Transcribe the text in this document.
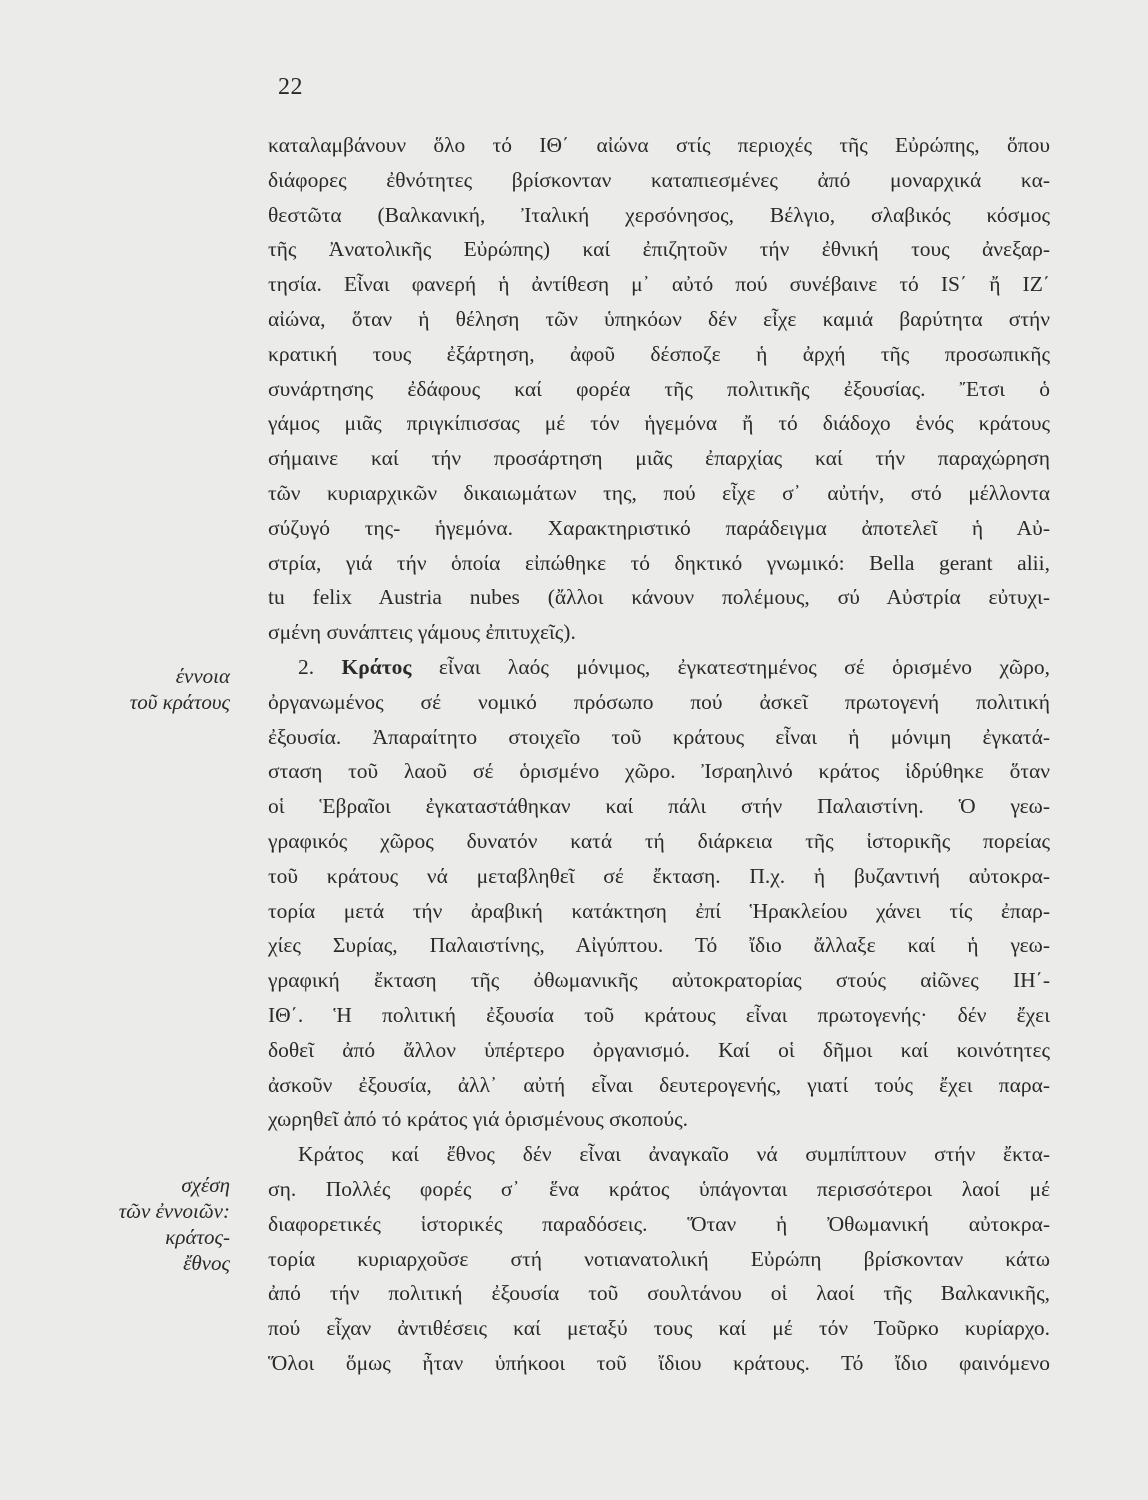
22
έννοια
τοῦ κράτους
σχέση
τῶν ἐννοιῶν:
κράτος-
ἔθνος
καταλαμβάνουν ὅλο τό ΙΘ΄ αἰώνα στίς περιοχές τῆς Εὐρώπης, ὅπου
διάφορες ἐθνότητες βρίσκονταν καταπιεσμένες ἀπό μοναρχικά κα-
θεστῶτα (Βαλκανική, Ἰταλική χερσόνησος, Βέλγιο, σλαβικός κόσμος
τῆς Ἀνατολικῆς Εὐρώπης) καί ἐπιζητοῦν τήν ἐθνική τους ἀνεξαρ-
τησία. Εἶναι φανερή ἡ ἀντίθεση μ᾽ αὐτό πού συνέβαινε τό ΙS΄ ἤ ΙΖ΄
αἰώνα, ὅταν ἡ θέληση τῶν ὑπηκόων δέν εἶχε καμιά βαρύτητα στήν
κρατική τους ἐξάρτηση, ἀφοῦ δέσποζε ἡ ἀρχή τῆς προσωπικῆς
συνάρτησης ἐδάφους καί φορέα τῆς πολιτικῆς ἐξουσίας. Ἔτσι ὁ
γάμος μιᾶς πριγκίπισσας μέ τόν ἡγεμόνα ἤ τό διάδοχο ἑνός κράτους
σήμαινε καί τήν προσάρτηση μιᾶς ἐπαρχίας καί τήν παραχώρηση
τῶν κυριαρχικῶν δικαιωμάτων της, πού εἶχε σ᾽ αὐτήν, στό μέλλοντα
σύζυγό της- ἡγεμόνα. Χαρακτηριστικό παράδειγμα ἀποτελεῖ ἡ Αὐ-
στρία, γιά τήν ὁποία εἰπώθηκε τό δηκτικό γνωμικό: Bella gerant alii,
tu felix Austria nubes (ἄλλοι κάνουν πολέμους, σύ Αὐστρία εὐτυχι-
σμένη συνάπτεις γάμους ἐπιτυχεῖς).
2. Κράτος εἶναι λαός μόνιμος, ἐγκατεστημένος σέ ὁρισμένο χῶρο,
ὀργανωμένος σέ νομικό πρόσωπο πού ἀσκεῖ πρωτογενή πολιτική
ἐξουσία. Ἀπαραίτητο στοιχεῖο τοῦ κράτους εἶναι ἡ μόνιμη ἐγκατά-
σταση τοῦ λαοῦ σέ ὁρισμένο χῶρο. Ἰσραηλινό κράτος ἱδρύθηκε ὅταν
οἱ Ἑβραῖοι ἐγκαταστάθηκαν καί πάλι στήν Παλαιστίνη. Ὁ γεω-
γραφικός χῶρος δυνατόν κατά τή διάρκεια τῆς ἱστορικῆς πορείας
τοῦ κράτους νά μεταβληθεῖ σέ ἔκταση. Π.χ. ἡ βυζαντινή αὐτοκρα-
τορία μετά τήν ἀραβική κατάκτηση ἐπί Ἡρακλείου χάνει τίς ἐπαρ-
χίες Συρίας, Παλαιστίνης, Αἰγύπτου. Τό ἴδιο ἄλλαξε καί ἡ γεω-
γραφική ἔκταση τῆς ὀθωμανικῆς αὐτοκρατορίας στούς αἰῶνες ΙΗ΄-
ΙΘ΄. Ἡ πολιτική ἐξουσία τοῦ κράτους εἶναι πρωτογενής· δέν ἔχει
δοθεῖ ἀπό ἄλλον ὑπέρτερο ὀργανισμό. Καί οἱ δῆμοι καί κοινότητες
ἀσκοῦν ἐξουσία, ἀλλ᾽ αὐτή εἶναι δευτερογενής, γιατί τούς ἔχει παρα-
χωρηθεῖ ἀπό τό κράτος γιά ὁρισμένους σκοπούς.
Κράτος καί ἔθνος δέν εἶναι ἀναγκαῖο νά συμπίπτουν στήν ἔκτα-
ση. Πολλές φορές σ᾽ ἕνα κράτος ὑπάγονται περισσότεροι λαοί μέ
διαφορετικές ἱστορικές παραδόσεις. Ὅταν ἡ Ὀθωμανική αὐτοκρα-
τορία κυριαρχοῦσε στή νοτιανατολική Εὐρώπη βρίσκονταν κάτω
ἀπό τήν πολιτική ἐξουσία τοῦ σουλτάνου οἱ λαοί τῆς Βαλκανικῆς,
πού εἶχαν ἀντιθέσεις καί μεταξύ τους καί μέ τόν Τοῦρκο κυρίαρχο.
Ὅλοι ὅμως ἦταν ὑπήκοοι τοῦ ἴδιου κράτους. Τό ἴδιο φαινόμενο
